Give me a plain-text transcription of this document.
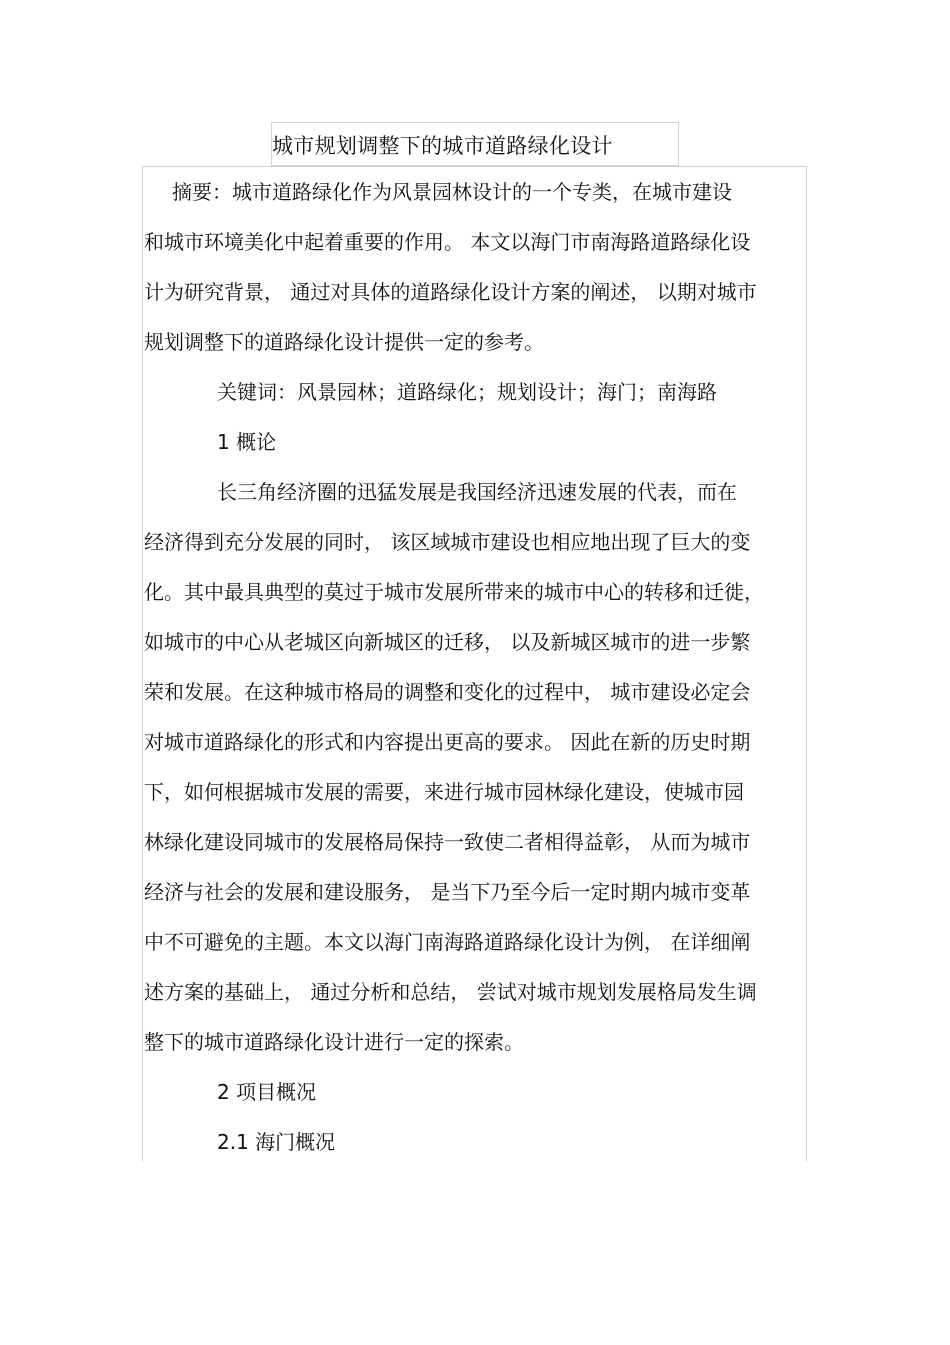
城市规划调整下的城市道路绿化设计
摘要：城市道路绿化作为风景园林设计的一个专类，在城市建设
和城市环境美化中起着重要的作用。 本文以海门市南海路道路绿化设
计为研究背景， 通过对具体的道路绿化设计方案的阐述， 以期对城市
规划调整下的道路绿化设计提供一定的参考。
关键词：风景园林；道路绿化；规划设计；海门；南海路
1 概论
长三角经济圈的迅猛发展是我国经济迅速发展的代表，而在
经济得到充分发展的同时， 该区域城市建设也相应地出现了巨大的变
化。其中最具典型的莫过于城市发展所带来的城市中心的转移和迁徙，
如城市的中心从老城区向新城区的迁移， 以及新城区城市的进一步繁
荣和发展。在这种城市格局的调整和变化的过程中， 城市建设必定会
对城市道路绿化的形式和内容提出更高的要求。 因此在新的历史时期
下，如何根据城市发展的需要，来进行城市园林绿化建设，使城市园
林绿化建设同城市的发展格局保持一致使二者相得益彰， 从而为城市
经济与社会的发展和建设服务， 是当下乃至今后一定时期内城市变革
中不可避免的主题。本文以海门南海路道路绿化设计为例， 在详细阐
述方案的基础上， 通过分析和总结， 尝试对城市规划发展格局发生调
整下的城市道路绿化设计进行一定的探索。
2 项目概况
2.1 海门概况
